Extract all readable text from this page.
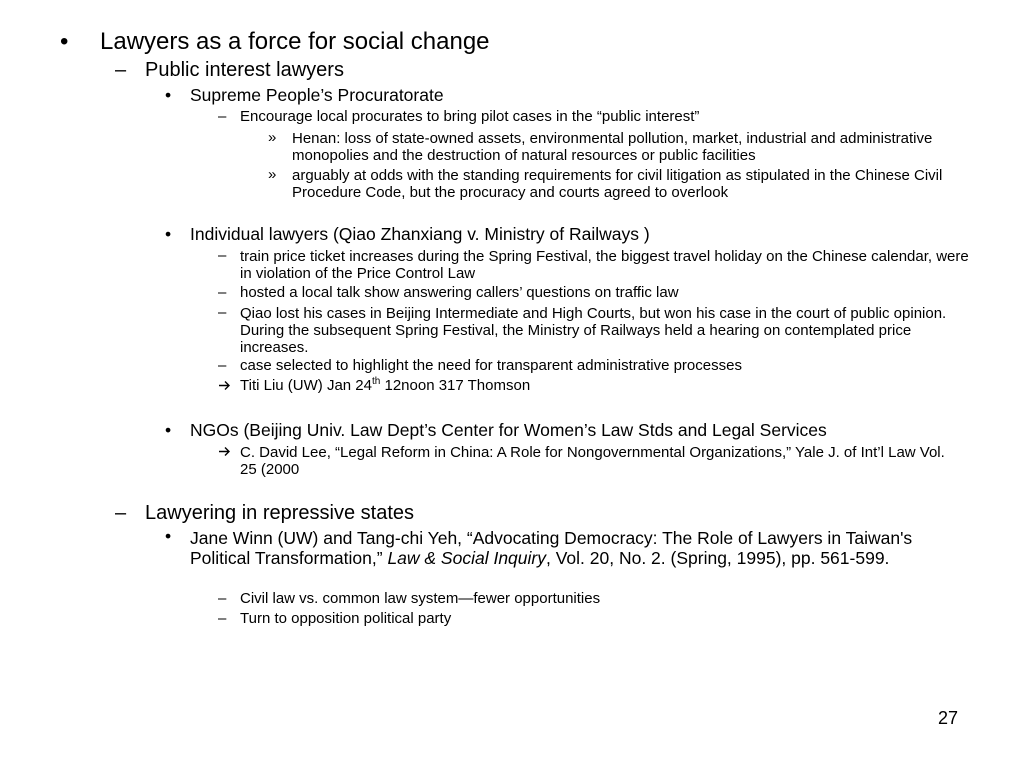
• Lawyers as a force for social change
– Public interest lawyers
• Supreme People’s Procuratorate
– Encourage local procurates to bring pilot cases in the “public interest”
» Henan: loss of state-owned assets, environmental pollution, market, industrial and administrative monopolies and the destruction of natural resources or public facilities
» arguably at odds with the standing requirements for civil litigation as stipulated in the Chinese Civil Procedure Code, but the procuracy and courts agreed to overlook
• Individual lawyers (Qiao Zhanxiang v. Ministry of Railways )
– train price ticket increases during the Spring Festival, the biggest travel holiday on the Chinese calendar, were in violation of the Price Control Law
– hosted a local talk show answering callers’ questions on traffic law
– Qiao lost his cases in Beijing Intermediate and High Courts, but won his case in the court of public opinion. During the subsequent Spring Festival, the Ministry of Railways held a hearing on contemplated price increases.
– case selected to highlight the need for transparent administrative processes
Titi Liu (UW) Jan 24th 12noon 317 Thomson
• NGOs (Beijing Univ. Law Dept’s Center for Women’s Law Stds and Legal Services
C. David Lee, “Legal Reform in China: A Role for Nongovernmental Organizations,” Yale J. of Int’l Law Vol. 25 (2000
– Lawyering in repressive states
• Jane Winn (UW) and Tang-chi Yeh, “Advocating Democracy: The Role of Lawyers in Taiwan's Political Transformation,” Law & Social Inquiry, Vol. 20, No. 2. (Spring, 1995), pp. 561-599.
– Civil law vs. common law system—fewer opportunities
– Turn to opposition political party
27
